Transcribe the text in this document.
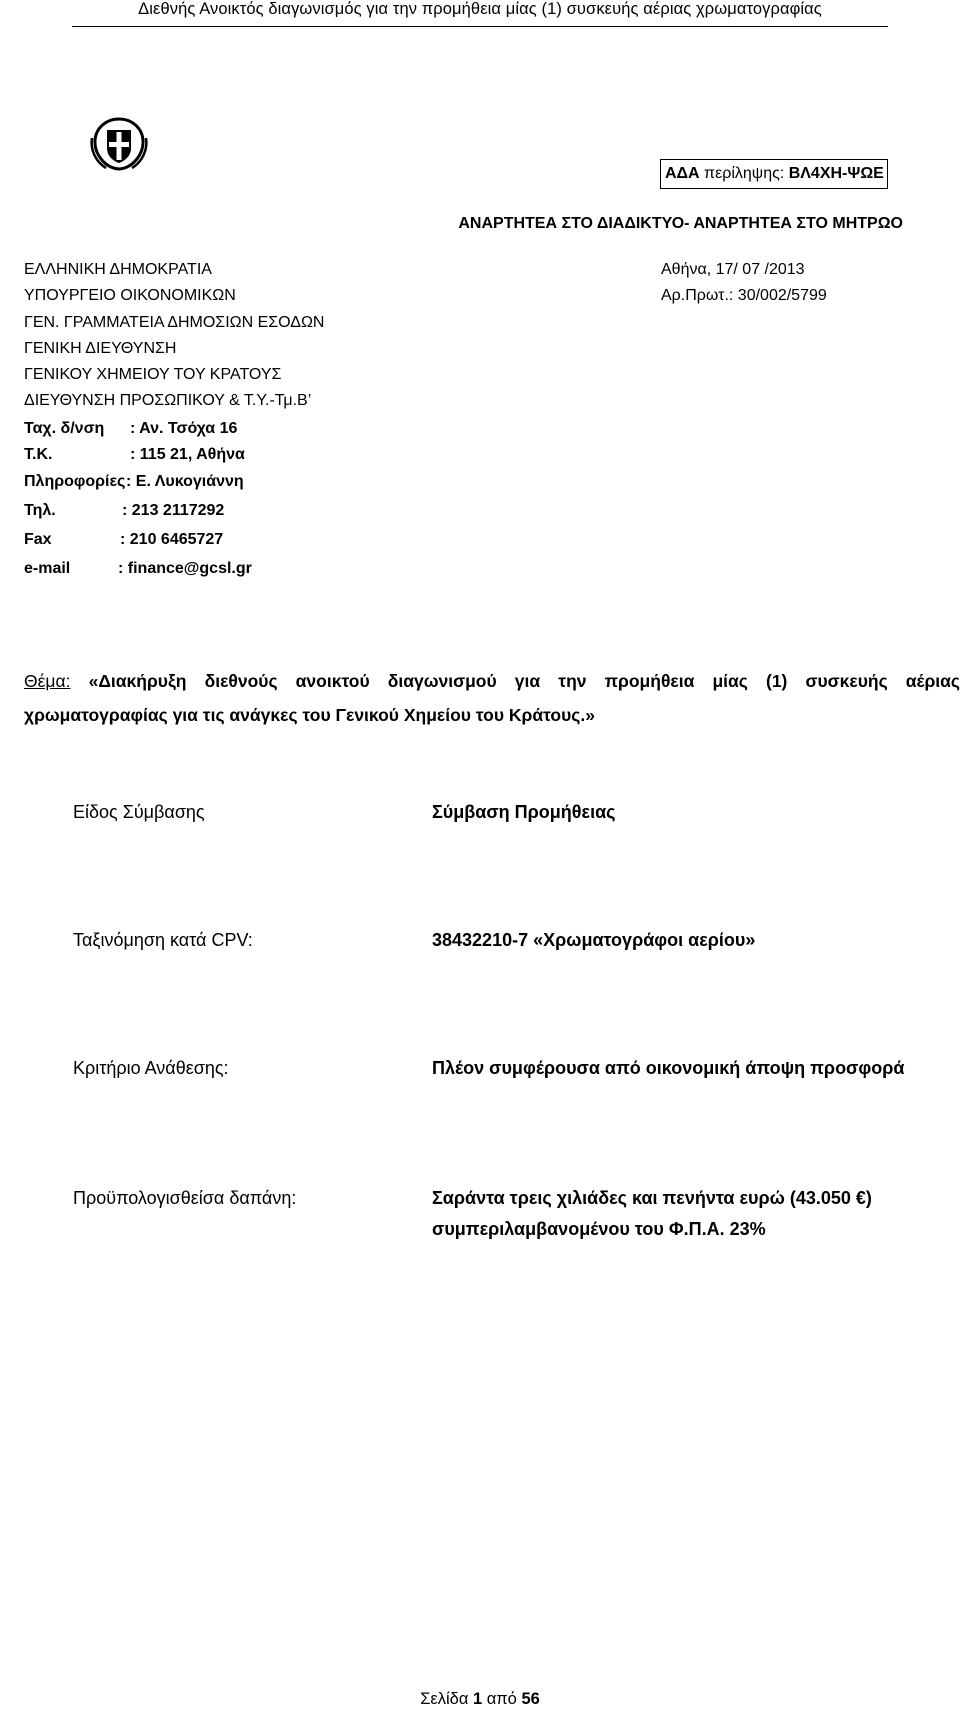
Διεθνής Ανοικτός διαγωνισμός για την προμήθεια μίας (1) συσκευής αέριας χρωματογραφίας
ΑΔΑ περίληψης: ΒΛ4ΧΗ-ΨΩΕ
ΑΝΑΡΤΗΤΕΑ ΣΤΟ ΔΙΑΔΙΚΤΥΟ- ΑΝΑΡΤΗΤΕΑ ΣΤΟ ΜΗΤΡΩΟ
ΕΛΛΗΝΙΚΗ ΔΗΜΟΚΡΑΤΙΑ
ΥΠΟΥΡΓΕΙΟ ΟΙΚΟΝΟΜΙΚΩΝ
ΓΕΝ. ΓΡΑΜΜΑΤΕΙΑ ΔΗΜΟΣΙΩΝ ΕΣΟΔΩΝ
ΓΕΝΙΚΗ ΔΙΕΥΘΥΝΣΗ
ΓΕΝΙΚΟΥ ΧΗΜΕΙΟΥ ΤΟΥ ΚΡΑΤΟΥΣ
ΔΙΕΥΘΥΝΣΗ ΠΡΟΣΩΠΙΚΟΥ & Τ.Υ.-Τμ.Β’
Ταχ. δ/νση : Αν. Τσόχα 16
Τ.Κ.	: 115 21, Αθήνα
Πληροφορίες: Ε. Λυκογιάννη
Τηλ.	: 213 2117292
Fax	: 210 6465727
e-mail	: finance@gcsl.gr
Αθήνα, 17/ 07 /2013
Αρ.Πρωτ.: 30/002/5799
Θέμα: «Διακήρυξη διεθνούς ανοικτού διαγωνισμού για την προμήθεια μίας (1) συσκευής αέριας χρωματογραφίας για τις ανάγκες του Γενικού Χημείου του Κράτους.»
Είδος Σύμβασης	Σύμβαση Προμήθειας
Ταξινόμηση κατά CPV:	38432210-7 «Χρωματογράφοι αερίου»
Κριτήριο Ανάθεσης:	Πλέον συμφέρουσα από οικονομική άποψη προσφορά
Προϋπολογισθείσα δαπάνη:	Σαράντα τρεις χιλιάδες και πενήντα ευρώ (43.050 €)
συμπεριλαμβανομένου του Φ.Π.Α. 23%
Σελίδα 1 από 56
